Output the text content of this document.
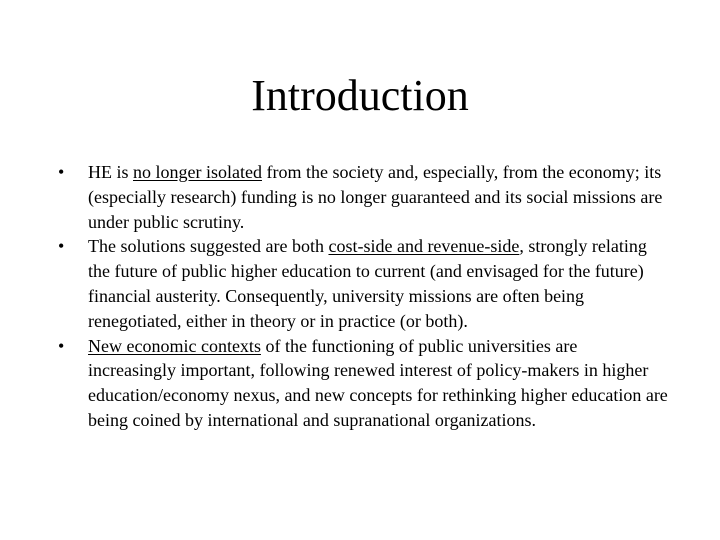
Introduction
•	HE is no longer isolated from the society and, especially, from the economy; its (especially research) funding is no longer guaranteed and its social missions are under public scrutiny.
•	The solutions suggested are both cost-side and revenue-side, strongly relating the future of public higher education to current (and envisaged for the future) financial austerity. Consequently, university missions are often being renegotiated, either in theory or in practice (or both).
•	New economic contexts of the functioning of public universities are increasingly important, following renewed interest of policy-makers in higher education/economy nexus, and new concepts for rethinking higher education are being coined by international and supranational organizations.
